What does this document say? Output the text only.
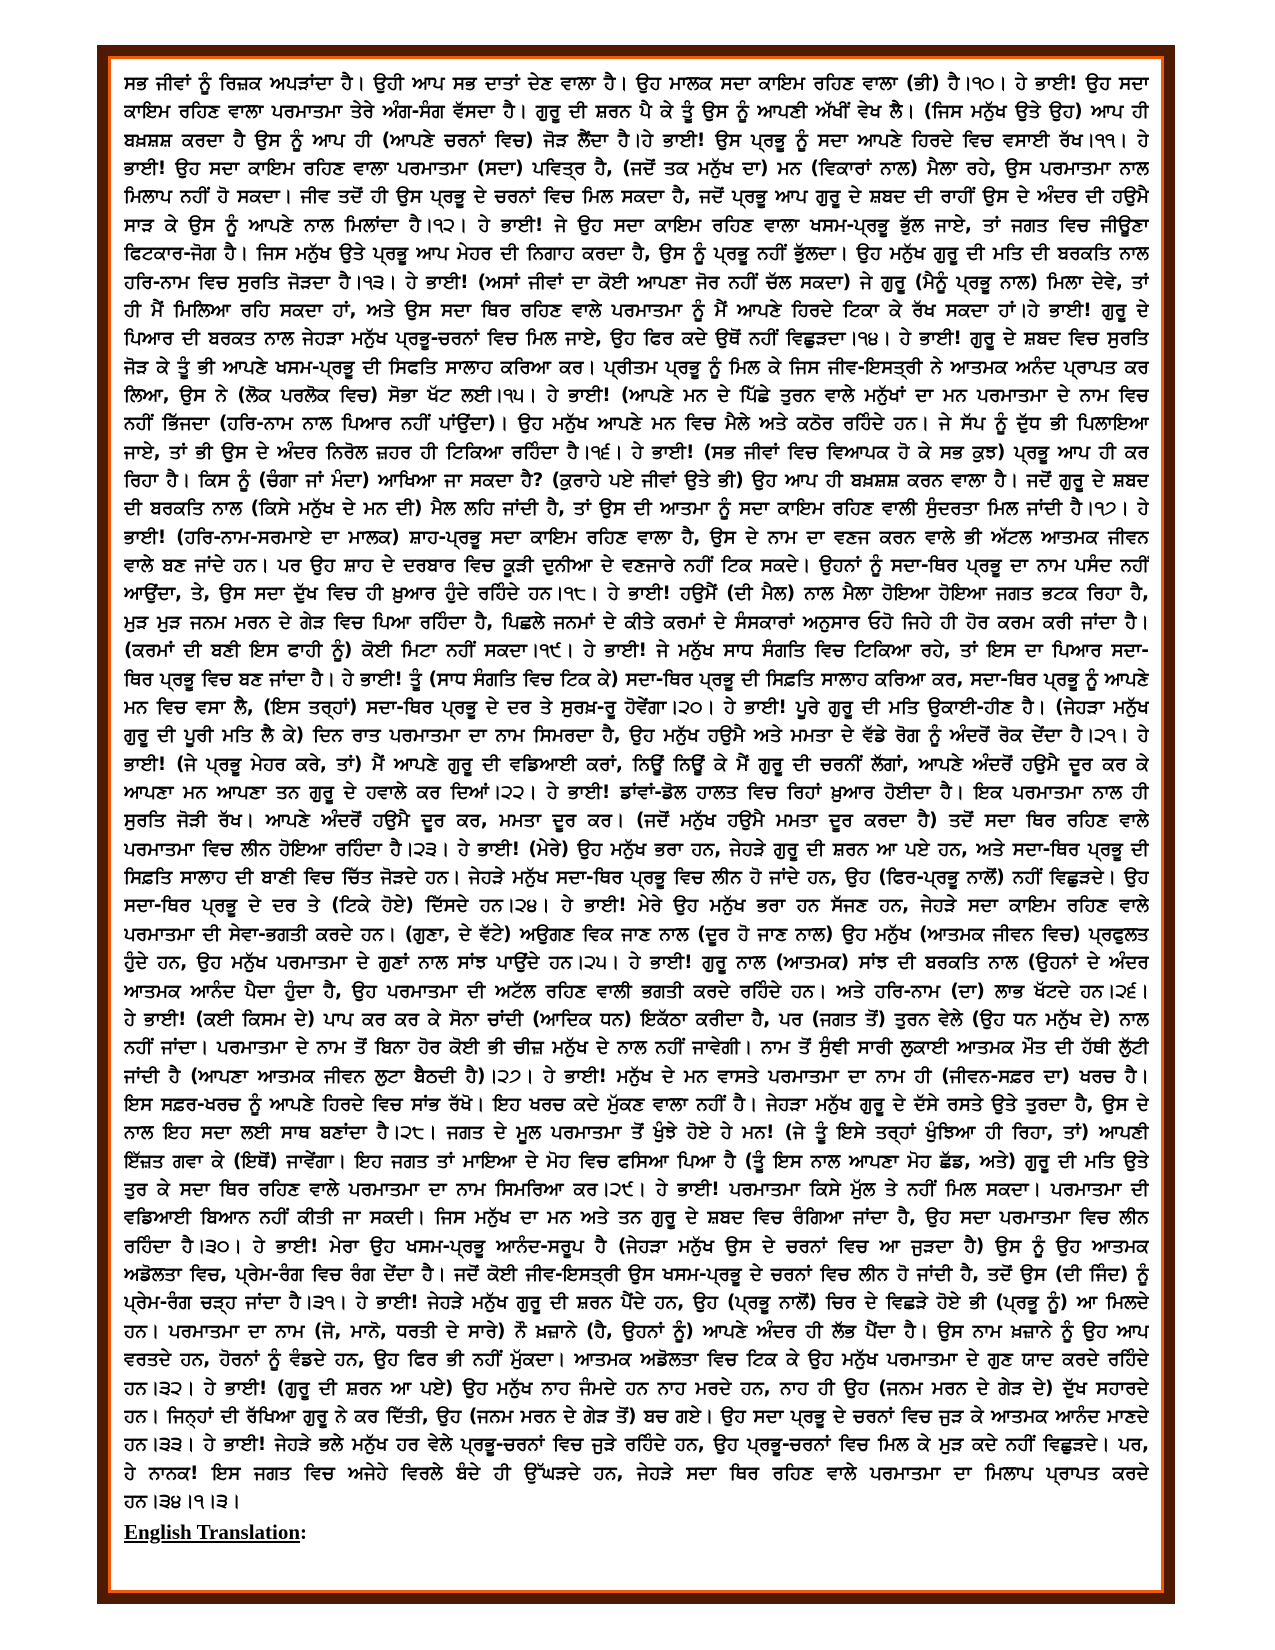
ਸਭ ਜੀਵਾਂ ਨੂੰ ਰਿਜ਼ਕ ਅਪੜਾਂਦਾ ਹੈ। ਉਹੀ ਆਪ ਸਭ ਦਾਤਾਂ ਦੇਣ ਵਾਲਾ ਹੈ। ਉਹ ਮਾਲਕ ਸਦਾ ਕਾਇਮ ਰਹਿਣ ਵਾਲਾ (ਭੀ) ਹੈ।੧੦। ਹੇ ਭਾਈ! ਉਹ ਸਦਾ
ਕਾਇਮ ਰਹਿਣ ਵਾਲਾ ਪਰਮਾਤਮਾ ਤੇਰੇ ਅੰਗ-ਸੰਗ ਵੱਸਦਾ ਹੈ। ਗੁਰੂ ਦੀ ਸ਼ਰਨ ਪੈ ਕੇ ਤੂੰ ਉਸ ਨੂੰ ਆਪਣੀ ਅੱਖੀਂ ਵੇਖ ਲੈ। (ਜਿਸ ਮਨੁੱਖ ਉਤੇ ਉਹ) ਆਪ ਹੀ
ਬਖ਼ਸ਼ਸ਼ ਕਰਦਾ ਹੈ ਉਸ ਨੂੰ ਆਪ ਹੀ (ਆਪਣੇ ਚਰਨਾਂ ਵਿਚ) ਜੋੜ ਲੈਂਦਾ ਹੈ।ਹੇ ਭਾਈ! ਉਸ ਪ੍ਰਭੂ ਨੂੰ ਸਦਾ ਆਪਣੇ ਹਿਰਦੇ ਵਿਚ ਵਸਾਈ ਰੱਖ।੧੧। ਹੇ
ਭਾਈ! ਉਹ ਸਦਾ ਕਾਇਮ ਰਹਿਣ ਵਾਲਾ ਪਰਮਾਤਮਾ (ਸਦਾ) ਪਵਿਤ੍ਰ ਹੈ, (ਜਦੋਂ ਤਕ ਮਨੁੱਖ ਦਾ) ਮਨ (ਵਿਕਾਰਾਂ ਨਾਲ) ਮੈਲਾ ਰਹੇ, ਉਸ ਪਰਮਾਤਮਾ ਨਾਲ
ਮਿਲਾਪ ਨਹੀਂ ਹੋ ਸਕਦਾ। ਜੀਵ ਤਦੋਂ ਹੀ ਉਸ ਪ੍ਰਭੂ ਦੇ ਚਰਨਾਂ ਵਿਚ ਮਿਲ ਸਕਦਾ ਹੈ, ਜਦੋਂ ਪ੍ਰਭੂ ਆਪ ਗੁਰੂ ਦੇ ਸ਼ਬਦ ਦੀ ਰਾਹੀਂ ਉਸ ਦੇ ਅੰਦਰ ਦੀ ਹਉਮੈ
ਸਾੜ ਕੇ ਉਸ ਨੂੰ ਆਪਣੇ ਨਾਲ ਮਿਲਾਂਦਾ ਹੈ।੧੨। ਹੇ ਭਾਈ! ਜੇ ਉਹ ਸਦਾ ਕਾਇਮ ਰਹਿਣ ਵਾਲਾ ਖਸਮ-ਪ੍ਰਭੂ ਭੁੱਲ ਜਾਏ, ਤਾਂ ਜਗਤ ਵਿਚ ਜੀਊਣਾ
ਫਿਟਕਾਰ-ਜੋਗ ਹੈ। ਜਿਸ ਮਨੁੱਖ ਉਤੇ ਪ੍ਰਭੂ ਆਪ ਮੇਹਰ ਦੀ ਨਿਗਾਹ ਕਰਦਾ ਹੈ, ਉਸ ਨੂੰ ਪ੍ਰਭੂ ਨਹੀਂ ਭੁੱਲਦਾ। ਉਹ ਮਨੁੱਖ ਗੁਰੂ ਦੀ ਮਤਿ ਦੀ ਬਰਕਤਿ ਨਾਲ
ਹਰਿ-ਨਾਮ ਵਿਚ ਸੁਰਤਿ ਜੋੜਦਾ ਹੈ।੧੩। ਹੇ ਭਾਈ! (ਅਸਾਂ ਜੀਵਾਂ ਦਾ ਕੋਈ ਆਪਣਾ ਜੋਰ ਨਹੀਂ ਚੱਲ ਸਕਦਾ) ਜੇ ਗੁਰੂ (ਮੈਨੂੰ ਪ੍ਰਭੂ ਨਾਲ) ਮਿਲਾ ਦੇਵੇ, ਤਾਂ
ਹੀ ਮੈਂ ਮਿਲਿਆ ਰਹਿ ਸਕਦਾ ਹਾਂ, ਅਤੇ ਉਸ ਸਦਾ ਥਿਰ ਰਹਿਣ ਵਾਲੇ ਪਰਮਾਤਮਾ ਨੂੰ ਮੈਂ ਆਪਣੇ ਹਿਰਦੇ ਟਿਕਾ ਕੇ ਰੱਖ ਸਕਦਾ ਹਾਂ।ਹੇ ਭਾਈ! ਗੁਰੂ ਦੇ
ਪਿਆਰ ਦੀ ਬਰਕਤ ਨਾਲ ਜੇਹੜਾ ਮਨੁੱਖ ਪ੍ਰਭੂ-ਚਰਨਾਂ ਵਿਚ ਮਿਲ ਜਾਏ, ਉਹ ਫਿਰ ਕਦੇ ਉਥੋਂ ਨਹੀਂ ਵਿਛੁੜਦਾ।੧੪। ਹੇ ਭਾਈ! ਗੁਰੂ ਦੇ ਸ਼ਬਦ ਵਿਚ ਸੁਰਤਿ
ਜੋੜ ਕੇ ਤੂੰ ਭੀ ਆਪਣੇ ਖਸਮ-ਪ੍ਰਭੂ ਦੀ ਸਿਫਤਿ ਸਾਲਾਹ ਕਰਿਆ ਕਰ। ਪ੍ਰੀਤਮ ਪ੍ਰਭੂ ਨੂੰ ਮਿਲ ਕੇ ਜਿਸ ਜੀਵ-ਇਸਤ੍ਰੀ ਨੇ ਆਤਮਕ ਅਨੰਦ ਪ੍ਰਾਪਤ ਕਰ
ਲਿਆ, ਉਸ ਨੇ (ਲੋਕ ਪਰਲੋਕ ਵਿਚ) ਸੋਭਾ ਖੱਟ ਲਈ।੧੫। ਹੇ ਭਾਈ! (ਆਪਣੇ ਮਨ ਦੇ ਪਿੱਛੇ ਤੁਰਨ ਵਾਲੇ ਮਨੁੱਖਾਂ ਦਾ ਮਨ ਪਰਮਾਤਮਾ ਦੇ ਨਾਮ ਵਿਚ
ਨਹੀਂ ਭਿੱਜਦਾ (ਹਰਿ-ਨਾਮ ਨਾਲ ਪਿਆਰ ਨਹੀਂ ਪਾਂਉਂਦਾ)। ਉਹ ਮਨੁੱਖ ਆਪਣੇ ਮਨ ਵਿਚ ਮੈਲੇ ਅਤੇ ਕਠੋਰ ਰਹਿੰਦੇ ਹਨ। ਜੇ ਸੱਪ ਨੂੰ ਦੁੱਧ ਭੀ ਪਿਲਾਇਆ
ਜਾਏ, ਤਾਂ ਭੀ ਉਸ ਦੇ ਅੰਦਰ ਨਿਰੋਲ ਜ਼ਹਰ ਹੀ ਟਿਕਿਆ ਰਹਿੰਦਾ ਹੈ।੧੬। ਹੇ ਭਾਈ! (ਸਭ ਜੀਵਾਂ ਵਿਚ ਵਿਆਪਕ ਹੋ ਕੇ ਸਭ ਕੁਝ) ਪ੍ਰਭੂ ਆਪ ਹੀ ਕਰ
ਰਿਹਾ ਹੈ। ਕਿਸ ਨੂੰ (ਚੰਗਾ ਜਾਂ ਮੰਦਾ) ਆਖਿਆ ਜਾ ਸਕਦਾ ਹੈ? (ਕੁਰਾਹੇ ਪਏ ਜੀਵਾਂ ਉਤੇ ਭੀ) ਉਹ ਆਪ ਹੀ ਬਖ਼ਸ਼ਸ਼ ਕਰਨ ਵਾਲਾ ਹੈ। ਜਦੋਂ ਗੁਰੂ ਦੇ ਸ਼ਬਦ
ਦੀ ਬਰਕਤਿ ਨਾਲ (ਕਿਸੇ ਮਨੁੱਖ ਦੇ ਮਨ ਦੀ) ਮੈਲ ਲਹਿ ਜਾਂਦੀ ਹੈ, ਤਾਂ ਉਸ ਦੀ ਆਤਮਾ ਨੂੰ ਸਦਾ ਕਾਇਮ ਰਹਿਣ ਵਾਲੀ ਸੁੰਦਰਤਾ ਮਿਲ ਜਾਂਦੀ ਹੈ।੧੭। ਹੇ
ਭਾਈ! (ਹਰਿ-ਨਾਮ-ਸਰਮਾਏ ਦਾ ਮਾਲਕ) ਸ਼ਾਹ-ਪ੍ਰਭੂ ਸਦਾ ਕਾਇਮ ਰਹਿਣ ਵਾਲਾ ਹੈ, ਉਸ ਦੇ ਨਾਮ ਦਾ ਵਣਜ ਕਰਨ ਵਾਲੇ ਭੀ ਅੱਟਲ ਆਤਮਕ ਜੀਵਨ
ਵਾਲੇ ਬਣ ਜਾਂਦੇ ਹਨ। ਪਰ ਉਹ ਸ਼ਾਹ ਦੇ ਦਰਬਾਰ ਵਿਚ ਕੂੜੀ ਦੁਨੀਆ ਦੇ ਵਣਜਾਰੇ ਨਹੀਂ ਟਿਕ ਸਕਦੇ। ਉਹਨਾਂ ਨੂੰ ਸਦਾ-ਥਿਰ ਪ੍ਰਭੂ ਦਾ ਨਾਮ ਪਸੰਦ ਨਹੀਂ
ਆਉਂਦਾ, ਤੇ, ਉਸ ਸਦਾ ਦੁੱਖ ਵਿਚ ਹੀ ਖ਼ੁਆਰ ਹੁੰਦੇ ਰਹਿੰਦੇ ਹਨ।੧੮। ਹੇ ਭਾਈ! ਹਉਮੈਂ (ਦੀ ਮੈਲ) ਨਾਲ ਮੈਲਾ ਹੋਇਆ ਹੋਇਆ ਜਗਤ ਭਟਕ ਰਿਹਾ ਹੈ,
ਮੁੜ ਮੁੜ ਜਨਮ ਮਰਨ ਦੇ ਗੇੜ ਵਿਚ ਪਿਆ ਰਹਿੰਦਾ ਹੈ, ਪਿਛਲੇ ਜਨਮਾਂ ਦੇ ਕੀਤੇ ਕਰਮਾਂ ਦੇ ਸੰਸਕਾਰਾਂ ਅਨੁਸਾਰ ਓਹੋ ਜਿਹੇ ਹੀ ਹੋਰ ਕਰਮ ਕਰੀ ਜਾਂਦਾ ਹੈ।
(ਕਰਮਾਂ ਦੀ ਬਣੀ ਇਸ ਫਾਹੀ ਨੂੰ) ਕੋਈ ਮਿਟਾ ਨਹੀਂ ਸਕਦਾ।੧੯। ਹੇ ਭਾਈ! ਜੇ ਮਨੁੱਖ ਸਾਧ ਸੰਗਤਿ ਵਿਚ ਟਿਕਿਆ ਰਹੇ, ਤਾਂ ਇਸ ਦਾ ਪਿਆਰ ਸਦਾ-
ਥਿਰ ਪ੍ਰਭੂ ਵਿਚ ਬਣ ਜਾਂਦਾ ਹੈ। ਹੇ ਭਾਈ! ਤੂੰ (ਸਾਧ ਸੰਗਤਿ ਵਿਚ ਟਿਕ ਕੇ) ਸਦਾ-ਥਿਰ ਪ੍ਰਭੂ ਦੀ ਸਿਫ਼ਤਿ ਸਾਲਾਹ ਕਰਿਆ ਕਰ, ਸਦਾ-ਥਿਰ ਪ੍ਰਭੂ ਨੂੰ ਆਪਣੇ
ਮਨ ਵਿਚ ਵਸਾ ਲੈ, (ਇਸ ਤਰ੍ਹਾਂ) ਸਦਾ-ਥਿਰ ਪ੍ਰਭੂ ਦੇ ਦਰ ਤੇ ਸੁਰਖ਼-ਰੂ ਹੋਵੇਂਗਾ।੨੦। ਹੇ ਭਾਈ! ਪੂਰੇ ਗੁਰੂ ਦੀ ਮਤਿ ਉਕਾਈ-ਹੀਣ ਹੈ। (ਜੇਹੜਾ ਮਨੁੱਖ
ਗੁਰੂ ਦੀ ਪੂਰੀ ਮਤਿ ਲੈ ਕੇ) ਦਿਨ ਰਾਤ ਪਰਮਾਤਮਾ ਦਾ ਨਾਮ ਸਿਮਰਦਾ ਹੈ, ਉਹ ਮਨੁੱਖ ਹਉਮੈ ਅਤੇ ਮਮਤਾ ਦੇ ਵੱਡੇ ਰੋਗ ਨੂੰ ਅੰਦਰੋਂ ਰੋਕ ਦੇਂਦਾ ਹੈ।੨੧। ਹੇ
ਭਾਈ! (ਜੇ ਪ੍ਰਭੂ ਮੇਹਰ ਕਰੇ, ਤਾਂ) ਮੈਂ ਆਪਣੇ ਗੁਰੂ ਦੀ ਵਡਿਆਈ ਕਰਾਂ, ਨਿਊਂ ਨਿਊਂ ਕੇ ਮੈਂ ਗੁਰੂ ਦੀ ਚਰਨੀਂ ਲੱਗਾਂ, ਆਪਣੇ ਅੰਦਰੋਂ ਹਉਮੈ ਦੂਰ ਕਰ ਕੇ
ਆਪਣਾ ਮਨ ਆਪਣਾ ਤਨ ਗੁਰੂ ਦੇ ਹਵਾਲੇ ਕਰ ਦਿਆਂ।੨੨। ਹੇ ਭਾਈ! ਡਾਂਵਾਂ-ਡੋਲ ਹਾਲਤ ਵਿਚ ਰਿਹਾਂ ਖ਼ੁਆਰ ਹੋਈਦਾ ਹੈ। ਇਕ ਪਰਮਾਤਮਾ ਨਾਲ ਹੀ
ਸੁਰਤਿ ਜੋੜੀ ਰੱਖ। ਆਪਣੇ ਅੰਦਰੋਂ ਹਉਮੈ ਦੂਰ ਕਰ, ਮਮਤਾ ਦੂਰ ਕਰ। (ਜਦੋਂ ਮਨੁੱਖ ਹਉਮੈ ਮਮਤਾ ਦੂਰ ਕਰਦਾ ਹੈ) ਤਦੋਂ ਸਦਾ ਥਿਰ ਰਹਿਣ ਵਾਲੇ
ਪਰਮਾਤਮਾ ਵਿਚ ਲੀਨ ਹੋਇਆ ਰਹਿੰਦਾ ਹੈ।੨੩। ਹੇ ਭਾਈ! (ਮੇਰੇ) ਉਹ ਮਨੁੱਖ ਭਰਾ ਹਨ, ਜੇਹੜੇ ਗੁਰੂ ਦੀ ਸ਼ਰਨ ਆ ਪਏ ਹਨ, ਅਤੇ ਸਦਾ-ਥਿਰ ਪ੍ਰਭੂ ਦੀ
ਸਿਫ਼ਤਿ ਸਾਲਾਹ ਦੀ ਬਾਣੀ ਵਿਚ ਚਿੱਤ ਜੋੜਦੇ ਹਨ। ਜੇਹੜੇ ਮਨੁੱਖ ਸਦਾ-ਥਿਰ ਪ੍ਰਭੂ ਵਿਚ ਲੀਨ ਹੋ ਜਾਂਦੇ ਹਨ, ਉਹ (ਫਿਰ-ਪ੍ਰਭੂ ਨਾਲੋਂ) ਨਹੀਂ ਵਿਛੁੜਦੇ। ਉਹ
ਸਦਾ-ਥਿਰ ਪ੍ਰਭੂ ਦੇ ਦਰ ਤੇ (ਟਿਕੇ ਹੋਏ) ਦਿੱਸਦੇ ਹਨ।੨੪। ਹੇ ਭਾਈ! ਮੇਰੇ ਉਹ ਮਨੁੱਖ ਭਰਾ ਹਨ ਸੱਜਣ ਹਨ, ਜੇਹੜੇ ਸਦਾ ਕਾਇਮ ਰਹਿਣ ਵਾਲੇ
ਪਰਮਾਤਮਾ ਦੀ ਸੇਵਾ-ਭਗਤੀ ਕਰਦੇ ਹਨ। (ਗੁਣਾ, ਦੇ ਵੱਟੇ) ਅਉਗਣ ਵਿਕ ਜਾਣ ਨਾਲ (ਦੂਰ ਹੋ ਜਾਣ ਨਾਲ) ਉਹ ਮਨੁੱਖ (ਆਤਮਕ ਜੀਵਨ ਵਿਚ) ਪ੍ਰਫੁਲਤ
ਹੁੰਦੇ ਹਨ, ਉਹ ਮਨੁੱਖ ਪਰਮਾਤਮਾ ਦੇ ਗੁਣਾਂ ਨਾਲ ਸਾਂਝ ਪਾਉਂਦੇ ਹਨ।੨੫। ਹੇ ਭਾਈ! ਗੁਰੂ ਨਾਲ (ਆਤਮਕ) ਸਾਂਝ ਦੀ ਬਰਕਤਿ ਨਾਲ (ਉਹਨਾਂ ਦੇ ਅੰਦਰ
ਆਤਮਕ ਆਨੰਦ ਪੈਦਾ ਹੁੰਦਾ ਹੈ, ਉਹ ਪਰਮਾਤਮਾ ਦੀ ਅਟੱਲ ਰਹਿਣ ਵਾਲੀ ਭਗਤੀ ਕਰਦੇ ਰਹਿੰਦੇ ਹਨ। ਅਤੇ ਹਰਿ-ਨਾਮ (ਦਾ) ਲਾਭ ਖੱਟਦੇ ਹਨ।੨੬।
ਹੇ ਭਾਈ! (ਕਈ ਕਿਸਮ ਦੇ) ਪਾਪ ਕਰ ਕਰ ਕੇ ਸੋਨਾ ਚਾਂਦੀ (ਆਦਿਕ ਧਨ) ਇਕੱਠਾ ਕਰੀਦਾ ਹੈ, ਪਰ (ਜਗਤ ਤੋਂ) ਤੁਰਨ ਵੇਲੇ (ਉਹ ਧਨ ਮਨੁੱਖ ਦੇ) ਨਾਲ
ਨਹੀਂ ਜਾਂਦਾ। ਪਰਮਾਤਮਾ ਦੇ ਨਾਮ ਤੋਂ ਬਿਨਾ ਹੋਰ ਕੋਈ ਭੀ ਚੀਜ਼ ਮਨੁੱਖ ਦੇ ਨਾਲ ਨਹੀਂ ਜਾਵੇਗੀ। ਨਾਮ ਤੋਂ ਸੁੰਞੀ ਸਾਰੀ ਲੁਕਾਈ ਆਤਮਕ ਮੌਤ ਦੀ ਹੱਥੀ ਲੁੱਟੀ
ਜਾਂਦੀ ਹੈ (ਆਪਣਾ ਆਤਮਕ ਜੀਵਨ ਲੁਟਾ ਬੈਠਦੀ ਹੈ)।੨੭। ਹੇ ਭਾਈ! ਮਨੁੱਖ ਦੇ ਮਨ ਵਾਸਤੇ ਪਰਮਾਤਮਾ ਦਾ ਨਾਮ ਹੀ (ਜੀਵਨ-ਸਫ਼ਰ ਦਾ) ਖਰਚ ਹੈ।
ਇਸ ਸਫ਼ਰ-ਖਰਚ ਨੂੰ ਆਪਣੇ ਹਿਰਦੇ ਵਿਚ ਸਾਂਭ ਰੱਖੋ। ਇਹ ਖਰਚ ਕਦੇ ਮੁੱਕਣ ਵਾਲਾ ਨਹੀਂ ਹੈ। ਜੇਹੜਾ ਮਨੁੱਖ ਗੁਰੂ ਦੇ ਦੱਸੇ ਰਸਤੇ ਉਤੇ ਤੁਰਦਾ ਹੈ, ਉਸ ਦੇ
ਨਾਲ ਇਹ ਸਦਾ ਲਈ ਸਾਥ ਬਣਾਂਦਾ ਹੈ।੨੮। ਜਗਤ ਦੇ ਮੂਲ ਪਰਮਾਤਮਾ ਤੋਂ ਖੁੰਝੇ ਹੋਏ ਹੇ ਮਨ! (ਜੇ ਤੂੰ ਇਸੇ ਤਰ੍ਹਾਂ ਖੁੰਝਿਆ ਹੀ ਰਿਹਾ, ਤਾਂ) ਆਪਣੀ
ਇੱਜ਼ਤ ਗਵਾ ਕੇ (ਇਥੋਂ) ਜਾਵੇਂਗਾ। ਇਹ ਜਗਤ ਤਾਂ ਮਾਇਆ ਦੇ ਮੋਹ ਵਿਚ ਫਸਿਆ ਪਿਆ ਹੈ (ਤੂੰ ਇਸ ਨਾਲ ਆਪਣਾ ਮੋਹ ਛੱਡ, ਅਤੇ) ਗੁਰੂ ਦੀ ਮਤਿ ਉਤੇ
ਤੁਰ ਕੇ ਸਦਾ ਥਿਰ ਰਹਿਣ ਵਾਲੇ ਪਰਮਾਤਮਾ ਦਾ ਨਾਮ ਸਿਮਰਿਆ ਕਰ।੨੯। ਹੇ ਭਾਈ! ਪਰਮਾਤਮਾ ਕਿਸੇ ਮੁੱਲ ਤੇ ਨਹੀਂ ਮਿਲ ਸਕਦਾ। ਪਰਮਾਤਮਾ ਦੀ
ਵਡਿਆਈ ਬਿਆਨ ਨਹੀਂ ਕੀਤੀ ਜਾ ਸਕਦੀ। ਜਿਸ ਮਨੁੱਖ ਦਾ ਮਨ ਅਤੇ ਤਨ ਗੁਰੂ ਦੇ ਸ਼ਬਦ ਵਿਚ ਰੰਗਿਆ ਜਾਂਦਾ ਹੈ, ਉਹ ਸਦਾ ਪਰਮਾਤਮਾ ਵਿਚ ਲੀਨ
ਰਹਿੰਦਾ ਹੈ।੩੦। ਹੇ ਭਾਈ! ਮੇਰਾ ਉਹ ਖਸਮ-ਪ੍ਰਭੂ ਆਨੰਦ-ਸਰੂਪ ਹੈ (ਜੇਹੜਾ ਮਨੁੱਖ ਉਸ ਦੇ ਚਰਨਾਂ ਵਿਚ ਆ ਜੁੜਦਾ ਹੈ) ਉਸ ਨੂੰ ਉਹ ਆਤਮਕ
ਅਡੋਲਤਾ ਵਿਚ, ਪ੍ਰੇਮ-ਰੰਗ ਵਿਚ ਰੰਗ ਦੇਂਦਾ ਹੈ। ਜਦੋਂ ਕੋਈ ਜੀਵ-ਇਸਤ੍ਰੀ ਉਸ ਖਸਮ-ਪ੍ਰਭੂ ਦੇ ਚਰਨਾਂ ਵਿਚ ਲੀਨ ਹੋ ਜਾਂਦੀ ਹੈ, ਤਦੋਂ ਉਸ (ਦੀ ਜਿੰਦ) ਨੂੰ
ਪ੍ਰੇਮ-ਰੰਗ ਚੜ੍ਹ ਜਾਂਦਾ ਹੈ।੩੧। ਹੇ ਭਾਈ! ਜੇਹੜੇ ਮਨੁੱਖ ਗੁਰੂ ਦੀ ਸ਼ਰਨ ਪੈਂਦੇ ਹਨ, ਉਹ (ਪ੍ਰਭੂ ਨਾਲੋਂ) ਚਿਰ ਦੇ ਵਿਛੜੇ ਹੋਏ ਭੀ (ਪ੍ਰਭੂ ਨੂੰ) ਆ ਮਿਲਦੇ
ਹਨ। ਪਰਮਾਤਮਾ ਦਾ ਨਾਮ (ਜੋ, ਮਾਨੋ, ਧਰਤੀ ਦੇ ਸਾਰੇ) ਨੌ ਖ਼ਜ਼ਾਨੇ (ਹੈ, ਉਹਨਾਂ ਨੂੰ) ਆਪਣੇ ਅੰਦਰ ਹੀ ਲੱਭ ਪੈਂਦਾ ਹੈ। ਉਸ ਨਾਮ ਖ਼ਜ਼ਾਨੇ ਨੂੰ ਉਹ ਆਪ
ਵਰਤਦੇ ਹਨ, ਹੋਰਨਾਂ ਨੂੰ ਵੰਡਦੇ ਹਨ, ਉਹ ਫਿਰ ਭੀ ਨਹੀਂ ਮੁੱਕਦਾ। ਆਤਮਕ ਅਡੋਲਤਾ ਵਿਚ ਟਿਕ ਕੇ ਉਹ ਮਨੁੱਖ ਪਰਮਾਤਮਾ ਦੇ ਗੁਣ ਯਾਦ ਕਰਦੇ ਰਹਿੰਦੇ
ਹਨ।੩੨। ਹੇ ਭਾਈ! (ਗੁਰੂ ਦੀ ਸ਼ਰਨ ਆ ਪਏ) ਉਹ ਮਨੁੱਖ ਨਾਹ ਜੰਮਦੇ ਹਨ ਨਾਹ ਮਰਦੇ ਹਨ, ਨਾਹ ਹੀ ਉਹ (ਜਨਮ ਮਰਨ ਦੇ ਗੇੜ ਦੇ) ਦੁੱਖ ਸਹਾਰਦੇ
ਹਨ। ਜਿਨ੍ਹਾਂ ਦੀ ਰੱਖਿਆ ਗੁਰੂ ਨੇ ਕਰ ਦਿੱਤੀ, ਉਹ (ਜਨਮ ਮਰਨ ਦੇ ਗੇੜ ਤੋਂ) ਬਚ ਗਏ। ਉਹ ਸਦਾ ਪ੍ਰਭੂ ਦੇ ਚਰਨਾਂ ਵਿਚ ਜੁੜ ਕੇ ਆਤਮਕ ਆਨੰਦ ਮਾਣਦੇ
ਹਨ।੩੩। ਹੇ ਭਾਈ! ਜੇਹੜੇ ਭਲੇ ਮਨੁੱਖ ਹਰ ਵੇਲੇ ਪ੍ਰਭੂ-ਚਰਨਾਂ ਵਿਚ ਜੁੜੇ ਰਹਿੰਦੇ ਹਨ, ਉਹ ਪ੍ਰਭੂ-ਚਰਨਾਂ ਵਿਚ ਮਿਲ ਕੇ ਮੁੜ ਕਦੇ ਨਹੀਂ ਵਿਛੁੜਦੇ। ਪਰ,
ਹੇ ਨਾਨਕ! ਇਸ ਜਗਤ ਵਿਚ ਅਜੇਹੇ ਵਿਰਲੇ ਬੰਦੇ ਹੀ ਉੱਘੜਦੇ ਹਨ, ਜੇਹੜੇ ਸਦਾ ਥਿਰ ਰਹਿਣ ਵਾਲੇ ਪਰਮਾਤਮਾ ਦਾ ਮਿਲਾਪ ਪ੍ਰਾਪਤ ਕਰਦੇ
ਹਨ।੩੪।੧।੩।
English Translation:
